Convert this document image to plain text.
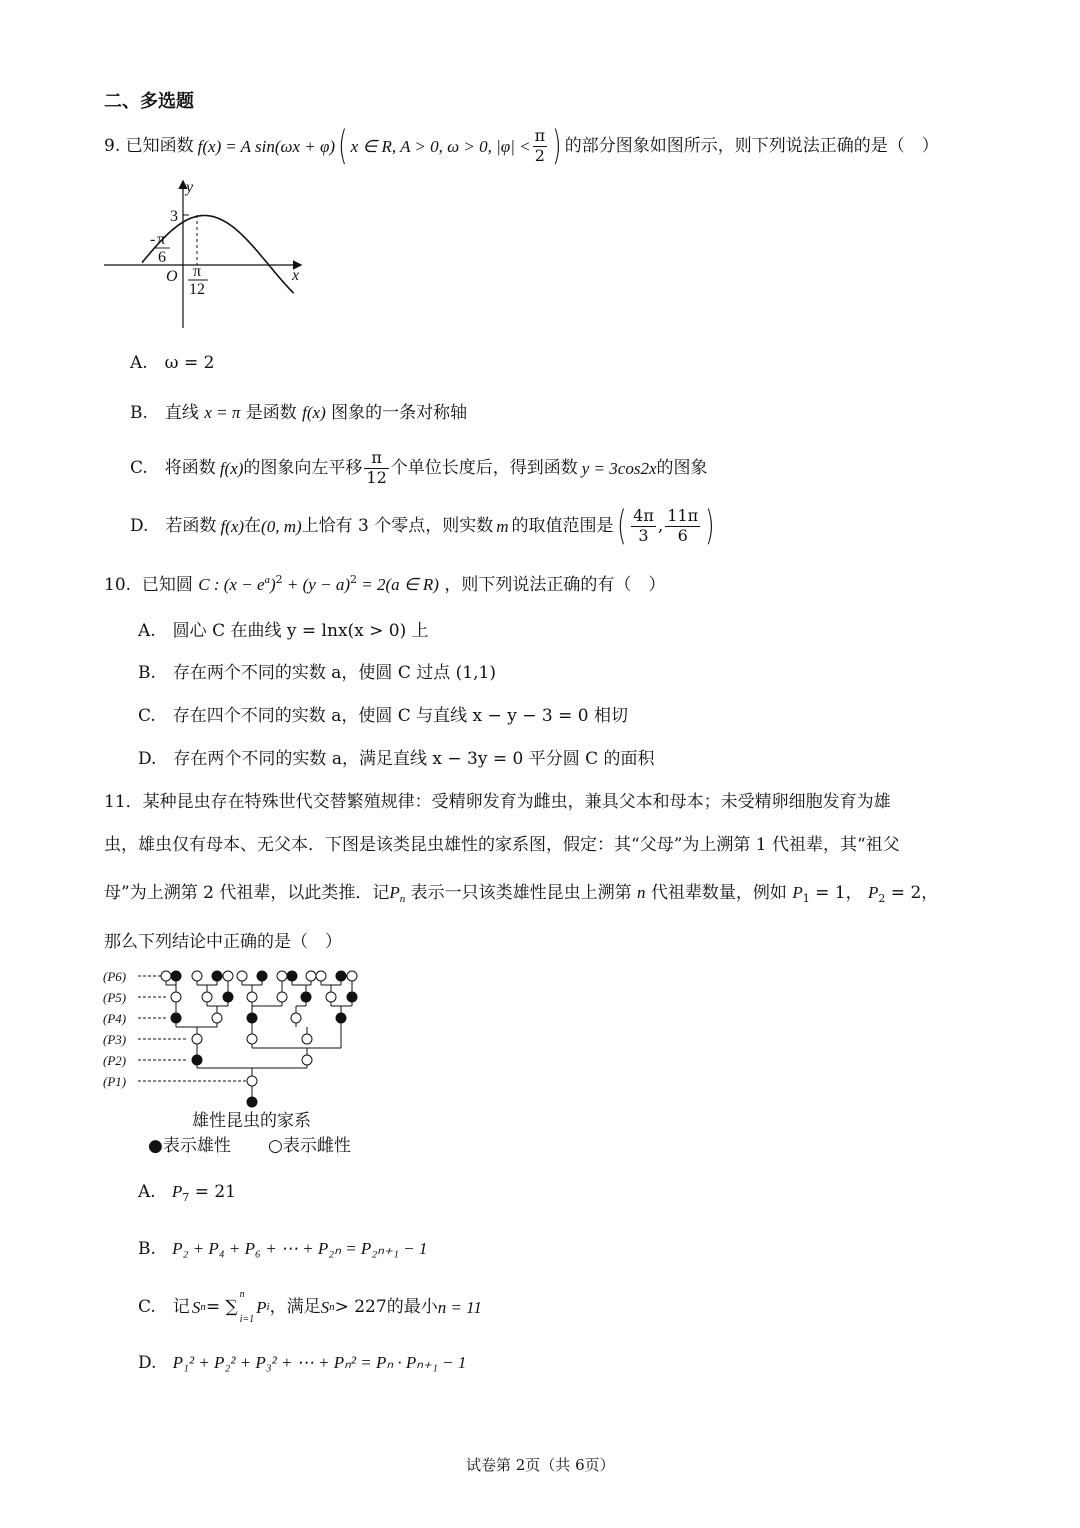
二、多选题
9.
已知函数 f(x) = A sin(ωx + φ) ( x ∈ R, A > 0, ω > 0, $|\varphi| < \frac{\pi}{2}$ ) 的部分图象如图所示，则下列说法正确的是（　）
y
x
O
3
- π
6
π
12
A.　ω = 2
B.　直线 x = π 是函数 f(x) 图象的一条对称轴
C.　将函数 f(x) 的图象向左平移 $\frac{\pi}{12}$ 个单位长度后，得到函数 y = 3cos2x 的图象
D.　若函数 f(x) 在 (0, m) 上恰有 3 个零点，则实数 m 的取值范围是 ( $\frac{4\pi}{3}$ , $\frac{11\pi}{6}$ )
10. 已知圆 C : $(x - e^a)^2 + (y - a)^2 = 2(a$ ∈ R) ，则下列说法正确的有（　）
A.　圆心 C 在曲线 y = lnx(x > 0) 上
B.　存在两个不同的实数 a，使圆 C 过点 (1,1)
C.　存在四个不同的实数 a，使圆 C 与直线 x − y − 3 = 0 相切
D.　存在两个不同的实数 a，满足直线 x − 3y = 0 平分圆 C 的面积
11．某种昆虫存在特殊世代交替繁殖规律：受精卵发育为雌虫，兼具父本和母本；未受精卵细胞发育为雄
虫，雄虫仅有母本、无父本．下图是该类昆虫雄性的家系图，假定：其“父母”为上溯第 1 代祖辈，其“祖父
母”为上溯第 2 代祖辈，以此类推．记$P_n$ 表示一只该类雄性昆虫上溯第 n 代祖辈数量，例如 $P_1 = 1$， $P_2 = 2$，
那么下列结论中正确的是（　）
(P6)
(P5)
(P4)
(P3)
(P2)
(P1)
雄性昆虫的家系
●表示雄性 ○表示雌性
A. $P_7 = 21$
B. P₂ + P₄ + P₆ + ⋯ + P₂ₙ = P₂ₙ₊₁ − 1
C.　记 S n = ∑
n
i=1
P i ，满足 S n > 227 的最小 n = 11
D. P₁² + P₂² + P₃² + ⋯ + Pₙ² = Pₙ · Pₙ₊₁ − 1
试卷第 2页（共 6页）
